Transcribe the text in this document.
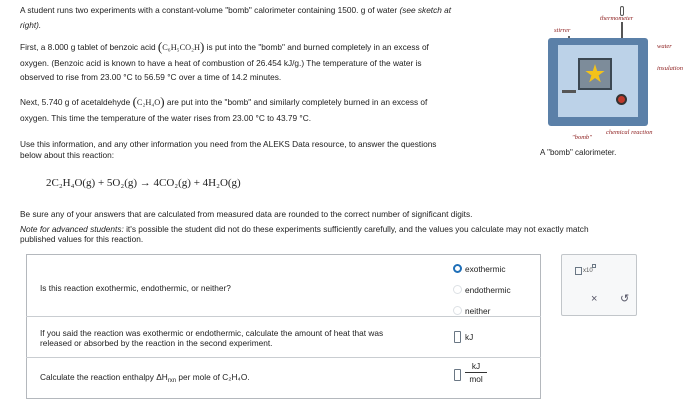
A student runs two experiments with a constant-volume "bomb" calorimeter containing 1500. g of water (see sketch at
right).
First, a 8.000 g tablet of benzoic acid (C₆H₅CO₂H) is put into the "bomb" and burned completely in an excess of
oxygen. (Benzoic acid is known to have a heat of combustion of 26.454 kJ/g.) The temperature of the water is
observed to rise from 23.00 °C to 56.59 °C over a time of 14.2 minutes.
Next, 5.740 g of acetaldehyde (C₂H₄O) are put into the "bomb" and similarly completely burned in an excess of
oxygen. This time the temperature of the water rises from 23.00 °C to 43.79 °C.
Use this information, and any other information you need from the ALEKS Data resource, to answer the questions
below about this reaction:
2C₂H₄O(g) + 5O₂(g) → 4CO₂(g) + 4H₂O(g)
Be sure any of your answers that are calculated from measured data are rounded to the correct number of significant digits.
Note for advanced students: it's possible the student did not do these experiments sufficiently carefully, and the values you calculate may not exactly match
published values for this reaction.
thermometer
stirrer
water
insulation
chemical reaction
"bomb"
A "bomb" calorimeter.
Is this reaction exothermic, endothermic, or neither?
exothermic
endothermic
neither
If you said the reaction was exothermic or endothermic, calculate the amount of heat that was
released or absorbed by the reaction in the second experiment.
kJ
Calculate the reaction enthalpy $\Delta H_{rxn}$ per mole of C₂H₄O.
kJ
mol
x10
× ↺
